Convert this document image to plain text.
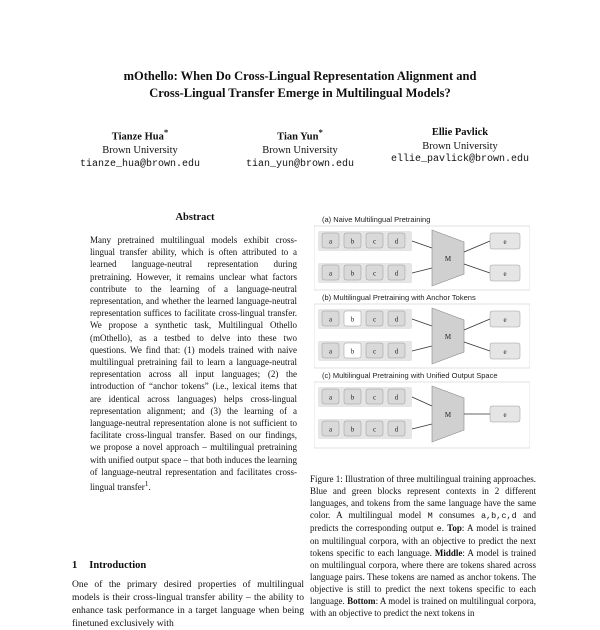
mOthello: When Do Cross-Lingual Representation Alignment and
Cross-Lingual Transfer Emerge in Multilingual Models?
Tianze Hua*
Brown University
tianze_hua@brown.edu
Tian Yun*
Brown University
tian_yun@brown.edu
Ellie Pavlick
Brown University
ellie_pavlick@brown.edu
Abstract

Many pretrained multilingual models exhibit cross-lingual transfer ability, which is often attributed to a learned language-neutral representation during pretraining. However, it remains unclear what factors contribute to the learning of a language-neutral representation, and whether the learned language-neutral representation suffices to facilitate cross-lingual transfer. We propose a synthetic task, Multilingual Othello (mOthello), as a testbed to delve into these two questions. We find that: (1) models trained with naive multilingual pretraining fail to learn a language-neutral representation across all input languages; (2) the introduction of “anchor tokens” (i.e., lexical items that are identical across languages) helps cross-lingual representation alignment; and (3) the learning of a language-neutral representation alone is not sufficient to facilitate cross-lingual transfer. Based on our findings, we propose a novel approach – multilingual pretraining with unified output space – that both induces the learning of language-neutral representation and facilitates cross-lingual transfer$^1$.

1 Introduction

One of the primary desired properties of multilingual models is their cross-lingual transfer ability – the ability to enhance task performance in a target language when being finetuned exclusively with

(a) Naive Multilingual Pretraining
a	b	c	d
a	b	c	d
M
e
e
(b) Multilingual Pretraining with Anchor Tokens
a	b	c	d
a	b	c	d
M
e
e
(c) Multilingual Pretraining with Unified Output Space
a	b	c	d
a	b	c	d
M	e

Figure 1: Illustration of three multilingual training approaches. Blue and green blocks represent contexts in 2 different languages, and tokens from the same language have the same color. A multilingual model M consumes a,b,c,d and predicts the corresponding output e. Top: A model is trained on multilingual corpora, with an objective to predict the next tokens specific to each language. Middle: A model is trained on multilingual corpora, where there are tokens shared across language pairs. These tokens are named as anchor tokens. The objective is still to predict the next tokens specific to each language. Bottom: A model is trained on multilingual corpora, with an objective to predict the next tokens in
